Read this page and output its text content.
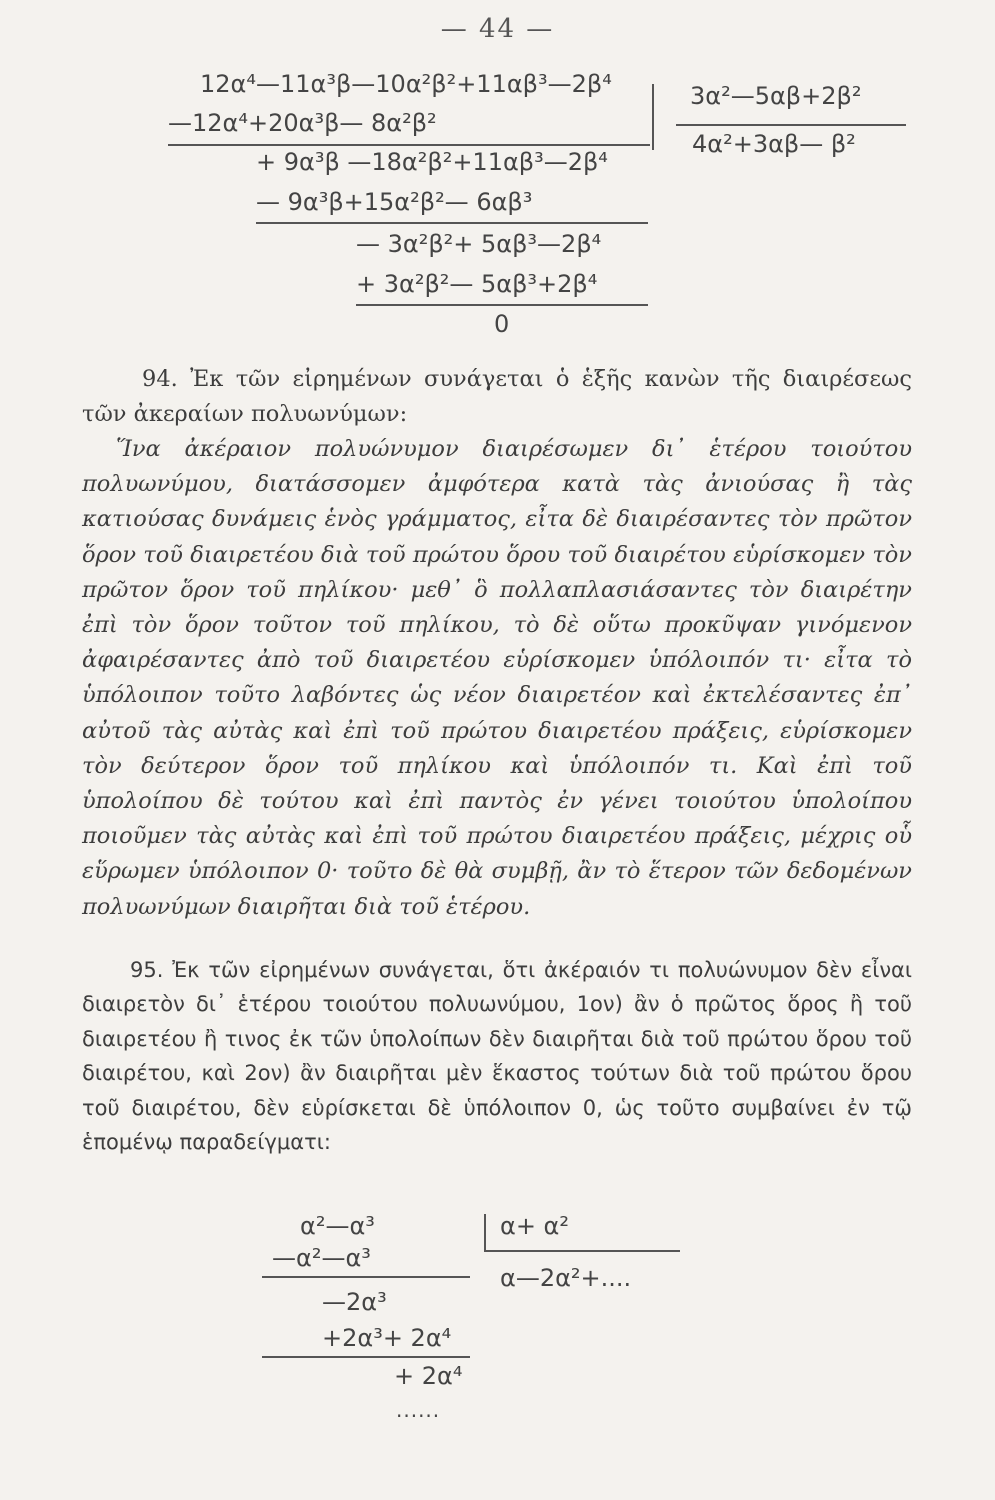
— 44 —
12α⁴—11α³β—10α²β²+11αβ³—2β⁴
—12α⁴+20α³β— 8α²β²
+ 9α³β —18α²β²+11αβ³—2β⁴
— 9α³β+15α²β²— 6αβ³
— 3α²β²+ 5αβ³—2β⁴
+ 3α²β²— 5αβ³+2β⁴
0
3α²—5αβ+2β²
4α²+3αβ— β²
94. Ἐκ τῶν εἰρημένων συνάγεται ὁ ἑξῆς κανὼν τῆς διαιρέσεως τῶν ἀκεραίων πολυωνύμων:
Ἵνα ἀκέραιον πολυώνυμον διαιρέσωμεν δι᾽ ἑτέρου τοιούτου πολυωνύμου, διατάσσομεν ἀμφότερα κατὰ τὰς ἀνιούσας ἢ τὰς κατιούσας δυνάμεις ἑνὸς γράμματος, εἶτα δὲ διαιρέσαντες τὸν πρῶτον ὅρον τοῦ διαιρετέου διὰ τοῦ πρώτου ὅρου τοῦ διαιρέτου εὑρίσκομεν τὸν πρῶτον ὅρον τοῦ πηλίκου· μεθ᾽ ὃ πολλαπλασιάσαντες τὸν διαιρέτην ἐπὶ τὸν ὅρον τοῦτον τοῦ πηλίκου, τὸ δὲ οὕτω προκῦψαν γινόμενον ἀφαιρέσαντες ἀπὸ τοῦ διαιρετέου εὑρίσκομεν ὑπόλοιπόν τι· εἶτα τὸ ὑπόλοιπον τοῦτο λαβόντες ὡς νέον διαιρετέον καὶ ἐκτελέσαντες ἐπ᾽ αὐτοῦ τὰς αὐτὰς καὶ ἐπὶ τοῦ πρώτου διαιρετέου πράξεις, εὑρίσκομεν τὸν δεύτερον ὅρον τοῦ πηλίκου καὶ ὑπόλοιπόν τι. Καὶ ἐπὶ τοῦ ὑπολοίπου δὲ τούτου καὶ ἐπὶ παντὸς ἐν γένει τοιούτου ὑπολοίπου ποιοῦμεν τὰς αὐτὰς καὶ ἐπὶ τοῦ πρώτου διαιρετέου πράξεις, μέχρις οὗ εὕρωμεν ὑπόλοιπον 0· τοῦτο δὲ θὰ συμβῇ, ἂν τὸ ἕτερον τῶν δεδομένων πολυωνύμων διαιρῆται διὰ τοῦ ἑτέρου.
95. Ἐκ τῶν εἰρημένων συνάγεται, ὅτι ἀκέραιόν τι πολυώνυμον δὲν εἶναι διαιρετὸν δι᾽ ἑτέρου τοιούτου πολυωνύμου, 1ον) ἂν ὁ πρῶτος ὅρος ἢ τοῦ διαιρετέου ἢ τινος ἐκ τῶν ὑπολοίπων δὲν διαιρῆται διὰ τοῦ πρώτου ὅρου τοῦ διαιρέτου, καὶ 2ον) ἂν διαιρῆται μὲν ἕκαστος τούτων διὰ τοῦ πρώτου ὅρου τοῦ διαιρέτου, δὲν εὑρίσκεται δὲ ὑπόλοιπον 0, ὡς τοῦτο συμβαίνει ἐν τῷ ἑπομένῳ παραδείγματι:
α²—α³
—α²—α³
—2α³
+2α³+ 2α⁴
+ 2α⁴
......
α+ α²
α—2α²+....
